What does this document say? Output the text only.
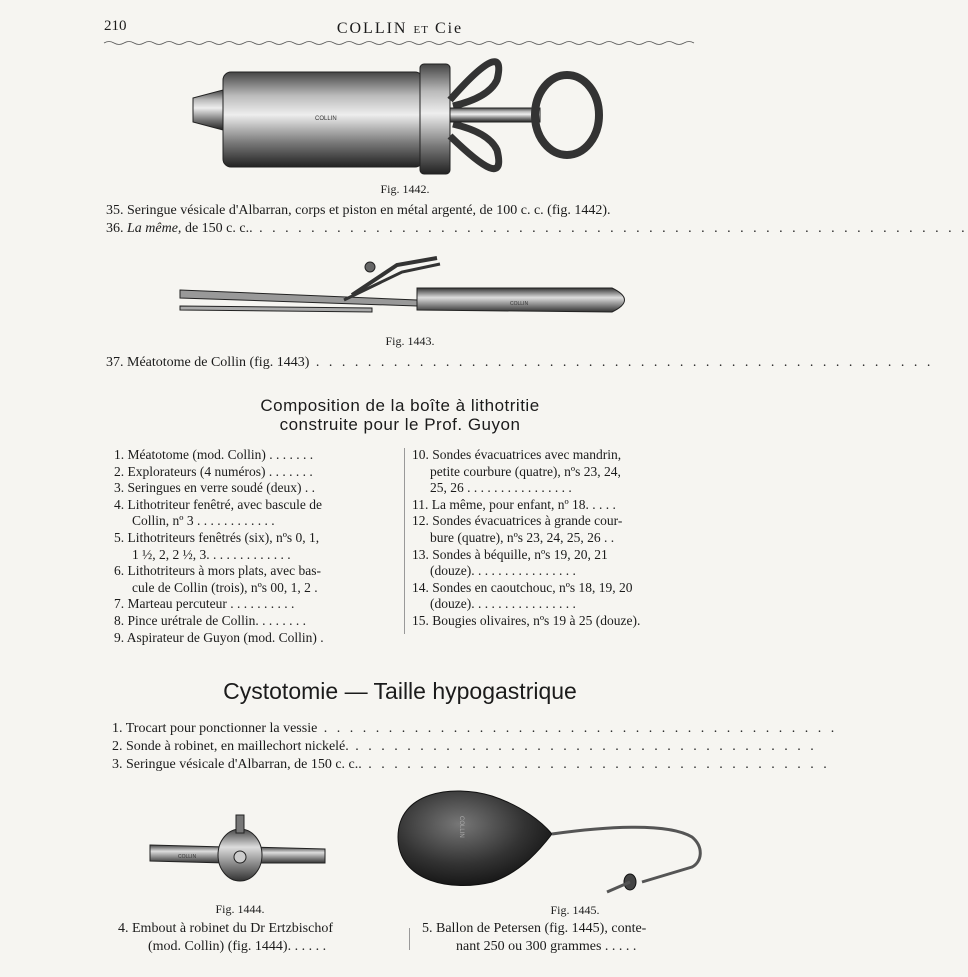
210	COLLIN ET Cie
COLLIN
Fig. 1442.
35. Seringue vésicale d'Albarran, corps et piston en métal argenté, de 100 c. c. (fig. 1442).
36. La même, de 150 c. c.. . . . . . . . . . . . . . . . . . . . . . . . . . . . . . . . . . . . . . . . . . . . . . . . . . . . . . . .
COLLIN
Fig. 1443.
37. Méatotome de Collin (fig. 1443) . . . . . . . . . . . . . . . . . . . . . . . . . . . . . . . . . . . . . . . . . . . . . . . .
Composition de la boîte à lithotritie
construite pour le Prof. Guyon
1. Méatotome (mod. Collin) . . . . . . .
2. Explorateurs (4 numéros) . . . . . . .
3. Seringues en verre soudé (deux) . .
4. Lithotriteur fenêtré, avec bascule de
Collin, nº 3 . . . . . . . . . . . .
5. Lithotriteurs fenêtrés (six), nºs 0, 1,
1 ½, 2, 2 ½, 3. . . . . . . . . . . . .
6. Lithotriteurs à mors plats, avec bas-
cule de Collin (trois), nºs 00, 1, 2 .
7. Marteau percuteur . . . . . . . . . .
8. Pince urétrale de Collin. . . . . . . .
9. Aspirateur de Guyon (mod. Collin) .
10. Sondes évacuatrices avec mandrin,
petite courbure (quatre), nºs 23, 24,
25, 26 . . . . . . . . . . . . . . . .
11. La même, pour enfant, nº 18. . . . .
12. Sondes évacuatrices à grande cour-
bure (quatre), nºs 23, 24, 25, 26 . .
13. Sondes à béquille, nºs 19, 20, 21
(douze). . . . . . . . . . . . . . . .
14. Sondes en caoutchouc, nºs 18, 19, 20
(douze). . . . . . . . . . . . . . . .
15. Bougies olivaires, nºs 19 à 25 (douze).
Cystotomie — Taille hypogastrique
1. Trocart pour ponctionner la vessie . . . . . . . . . . . . . . . . . . . . . . . . . . . . . . . . . . . . . . . .
2. Sonde à robinet, en maillechort nickelé. . . . . . . . . . . . . . . . . . . . . . . . . . . . . . . . . . . . .
3. Seringue vésicale d'Albarran, de 150 c. c.. . . . . . . . . . . . . . . . . . . . . . . . . . . . . . . . . . . . .
COLLIN
Fig. 1444.
COLLIN
Fig. 1445.
4. Embout à robinet du Dr Ertzbischof
(mod. Collin) (fig. 1444). . . . . .
5. Ballon de Petersen (fig. 1445), conte-
nant 250 ou 300 grammes . . . . .
